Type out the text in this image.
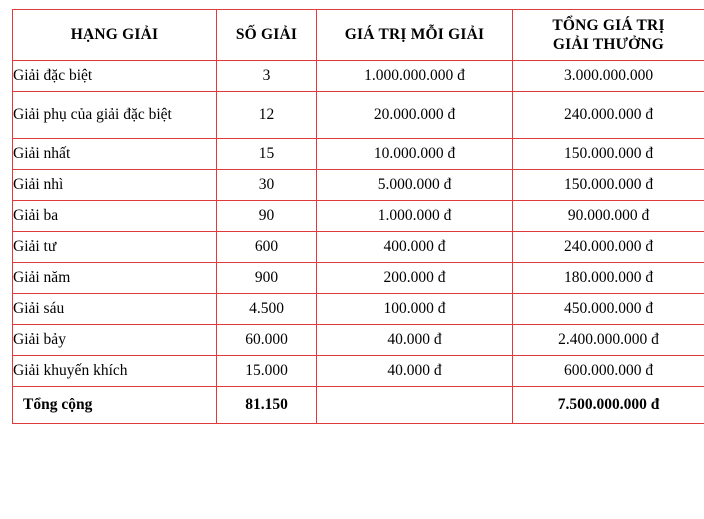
HẠNG GIẢI	SỐ GIẢI	GIÁ TRỊ MỖI GIẢI	TỔNG GIÁ TRỊ
GIẢI THƯỞNG

Giải đặc biệt	3	1.000.000.000 đ	3.000.000.000
Giải phụ của giải đặc biệt	12	20.000.000 đ	240.000.000 đ
Giải nhất	15	10.000.000 đ	150.000.000 đ
Giải nhì	30	5.000.000 đ	150.000.000 đ
Giải ba	90	1.000.000 đ	90.000.000 đ
Giải tư	600	400.000 đ	240.000.000 đ
Giải năm	900	200.000 đ	180.000.000 đ
Giải sáu	4.500	100.000 đ	450.000.000 đ
Giải bảy	60.000	40.000 đ	2.400.000.000 đ
Giải khuyến khích	15.000	40.000 đ	600.000.000 đ
Tổng cộng	81.150		7.500.000.000 đ
